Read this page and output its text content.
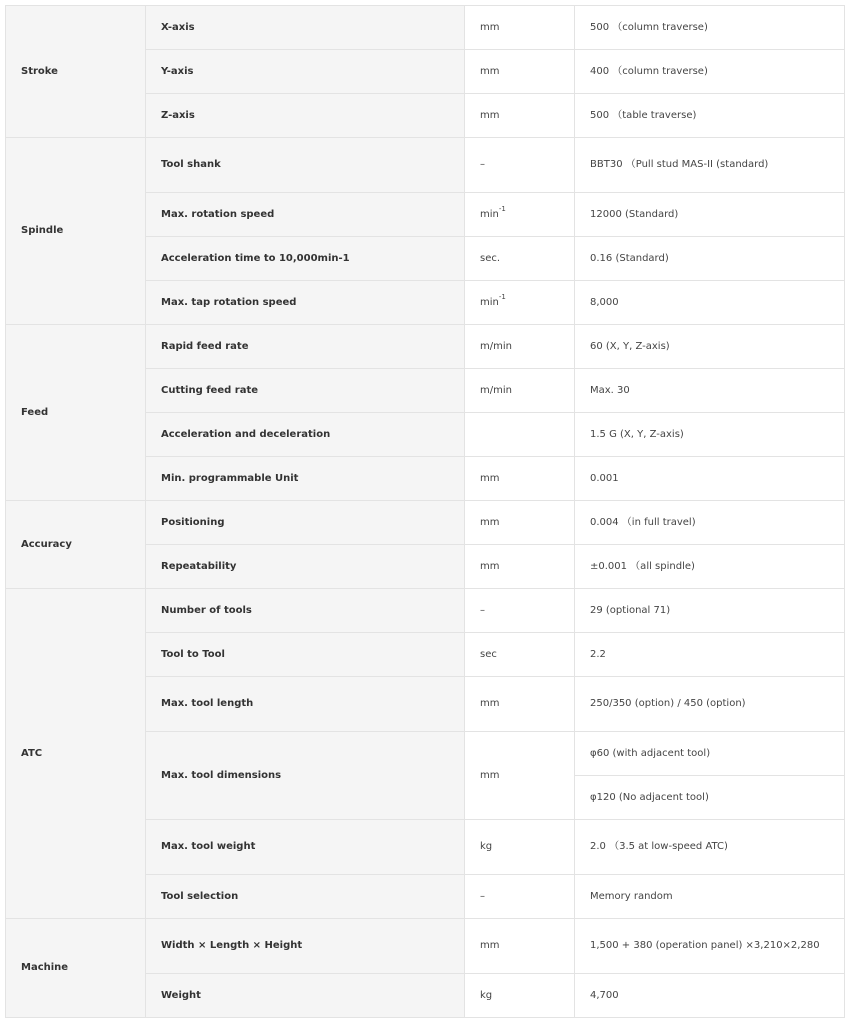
Stroke	X-axis	mm	500 （column traverse)
	Y-axis	mm	400 （column traverse)
	Z-axis	mm	500 （table traverse)
Spindle	Tool shank	–	BBT30 （Pull stud MAS-II (standard)
	Max. rotation speed	$\min^{-1}$	12000 (Standard)
	Acceleration time to 10,000min-1	sec.	0.16 (Standard)
	Max. tap rotation speed	$\min^{-1}$	8,000
Feed	Rapid feed rate	m/min	60 (X, Y, Z-axis)
	Cutting feed rate	m/min	Max. 30
	Acceleration and deceleration		1.5 G (X, Y, Z-axis)
	Min. programmable Unit	mm	0.001
Accuracy	Positioning	mm	0.004 （in full travel)
	Repeatability	mm	±0.001 （all spindle)
ATC	Number of tools	–	29 (optional 71)
	Tool to Tool	sec	2.2
	Max. tool length	mm	250/350 (option) / 450 (option)
	Max. tool dimensions	mm	φ60 (with adjacent tool)
			φ120 (No adjacent tool)
	Max. tool weight	kg	2.0 （3.5 at low-speed ATC)
	Tool selection	–	Memory random
Machine	Width × Length × Height	mm	1,500 + 380 (operation panel) ×3,210×2,280
	Weight	kg	4,700
